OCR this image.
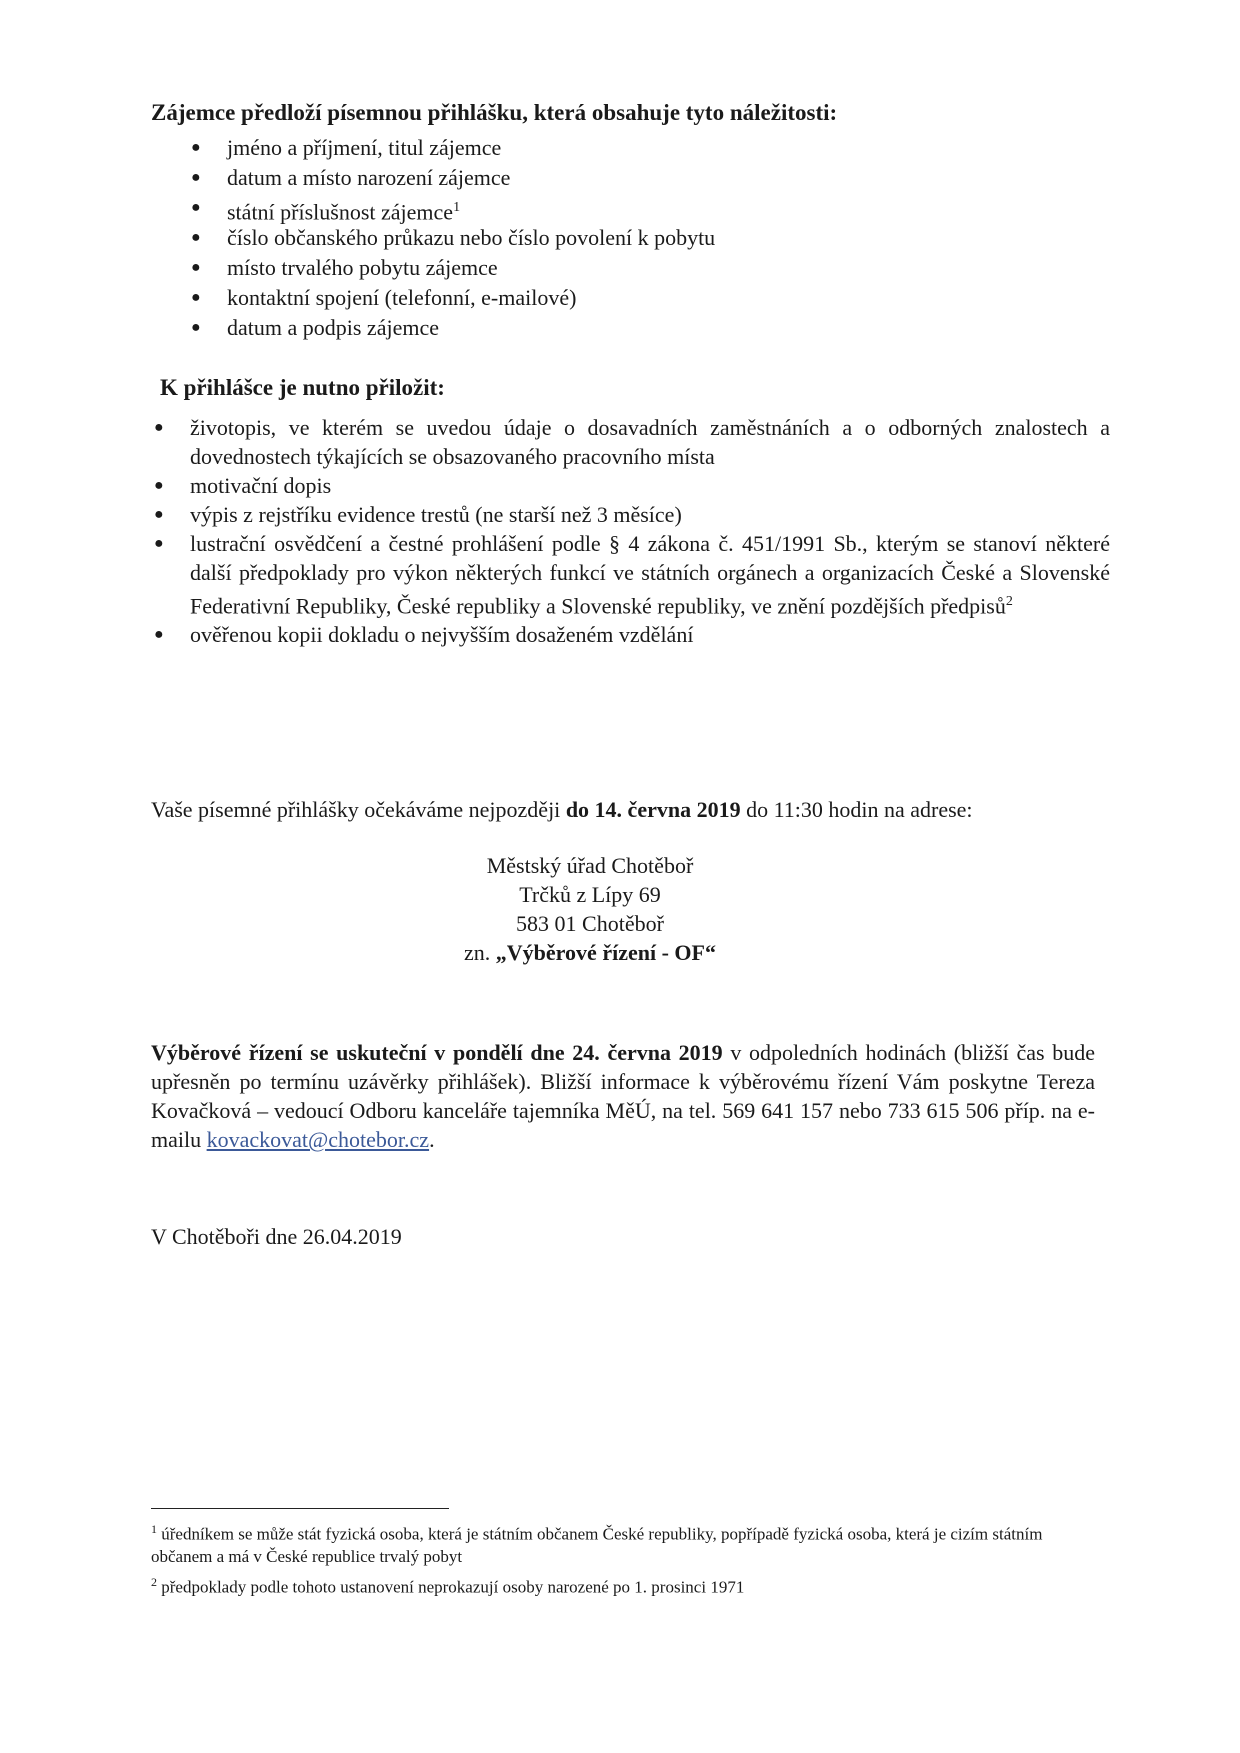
Zájemce předloží písemnou přihlášku, která obsahuje tyto náležitosti:
● jméno a příjmení, titul zájemce
● datum a místo narození zájemce
● státní příslušnost zájemce$^1$
● číslo občanského průkazu nebo číslo povolení k pobytu
● místo trvalého pobytu zájemce
● kontaktní spojení (telefonní, e-mailové)
● datum a podpis zájemce
K přihlášce je nutno přiložit:
● životopis, ve kterém se uvedou údaje o dosavadních zaměstnáních a o odborných znalostech a dovednostech týkajících se obsazovaného pracovního místa
● motivační dopis
● výpis z rejstříku evidence trestů (ne starší než 3 měsíce)
● lustrační osvědčení a čestné prohlášení podle § 4 zákona č. 451/1991 Sb., kterým se stanoví některé další předpoklady pro výkon některých funkcí ve státních orgánech a organizacích České a Slovenské Federativní Republiky, České republiky a Slovenské republiky, ve znění pozdějších předpisů$^2$
● ověřenou kopii dokladu o nejvyšším dosaženém vzdělání
Vaše písemné přihlášky očekáváme nejpozději do 14. června 2019 do 11:30 hodin na adrese:
Městský úřad Chotěboř
Trčků z Lípy 69
583 01 Chotěboř
zn. „Výběrové řízení - OF“
Výběrové řízení se uskuteční v pondělí dne 24. června 2019 v odpoledních hodinách (bližší čas bude upřesněn po termínu uzávěrky přihlášek). Bližší informace k výběrovému řízení Vám poskytne Tereza Kovačková – vedoucí Odboru kanceláře tajemníka MěÚ, na tel. 569 641 157 nebo 733 615 506 příp. na e-mailu kovackovat@chotebor.cz.
V Chotěboři dne 26.04.2019
$^1$ úředníkem se může stát fyzická osoba, která je státním občanem České republiky, popřípadě fyzická osoba, která je cizím státním občanem a má v České republice trvalý pobyt
$^2$ předpoklady podle tohoto ustanovení neprokazují osoby narozené po 1. prosinci 1971
